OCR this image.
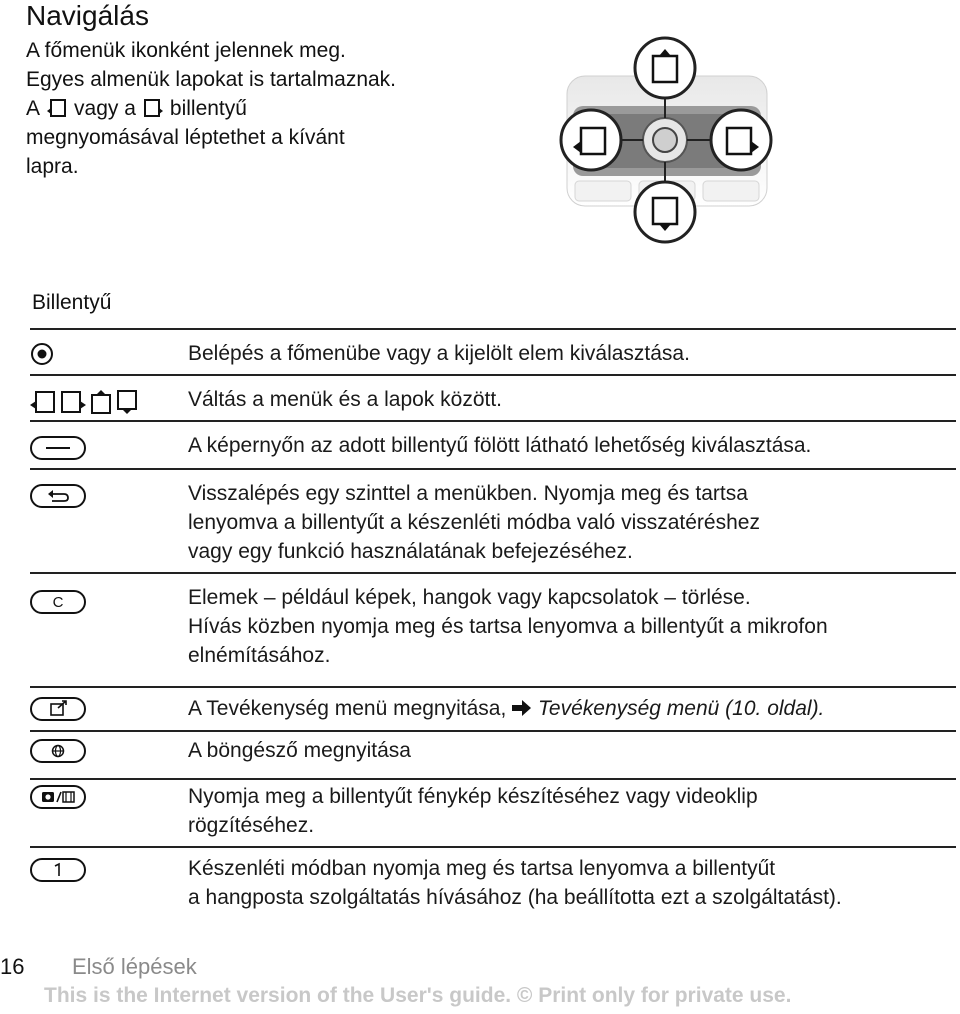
Navigálás
A főmenük ikonként jelennek meg.
Egyes almenük lapokat is tartalmaznak.
A vagy a billentyű
megnyomásával léptethet a kívánt
lapra.
Billentyű
Belépés a főmenübe vagy a kijelölt elem kiválasztása.
Váltás a menük és a lapok között.
A képernyőn az adott billentyű fölött látható lehetőség kiválasztása.
Visszalépés egy szinttel a menükben. Nyomja meg és tartsa
lenyomva a billentyűt a készenléti módba való visszatéréshez
vagy egy funkció használatának befejezéséhez.
C	Elemek – például képek, hangok vagy kapcsolatok – törlése.
Hívás közben nyomja meg és tartsa lenyomva a billentyűt a mikrofon
elnémításához.
A Tevékenység menü megnyitása, Tevékenység menü (10. oldal).
A böngésző megnyitása
Nyomja meg a billentyűt fénykép készítéséhez vagy videoklip
rögzítéséhez.
Készenléti módban nyomja meg és tartsa lenyomva a billentyűt
a hangposta szolgáltatás hívásához (ha beállította ezt a szolgáltatást).
16 Első lépések
This is the Internet version of the User's guide. © Print only for private use.
